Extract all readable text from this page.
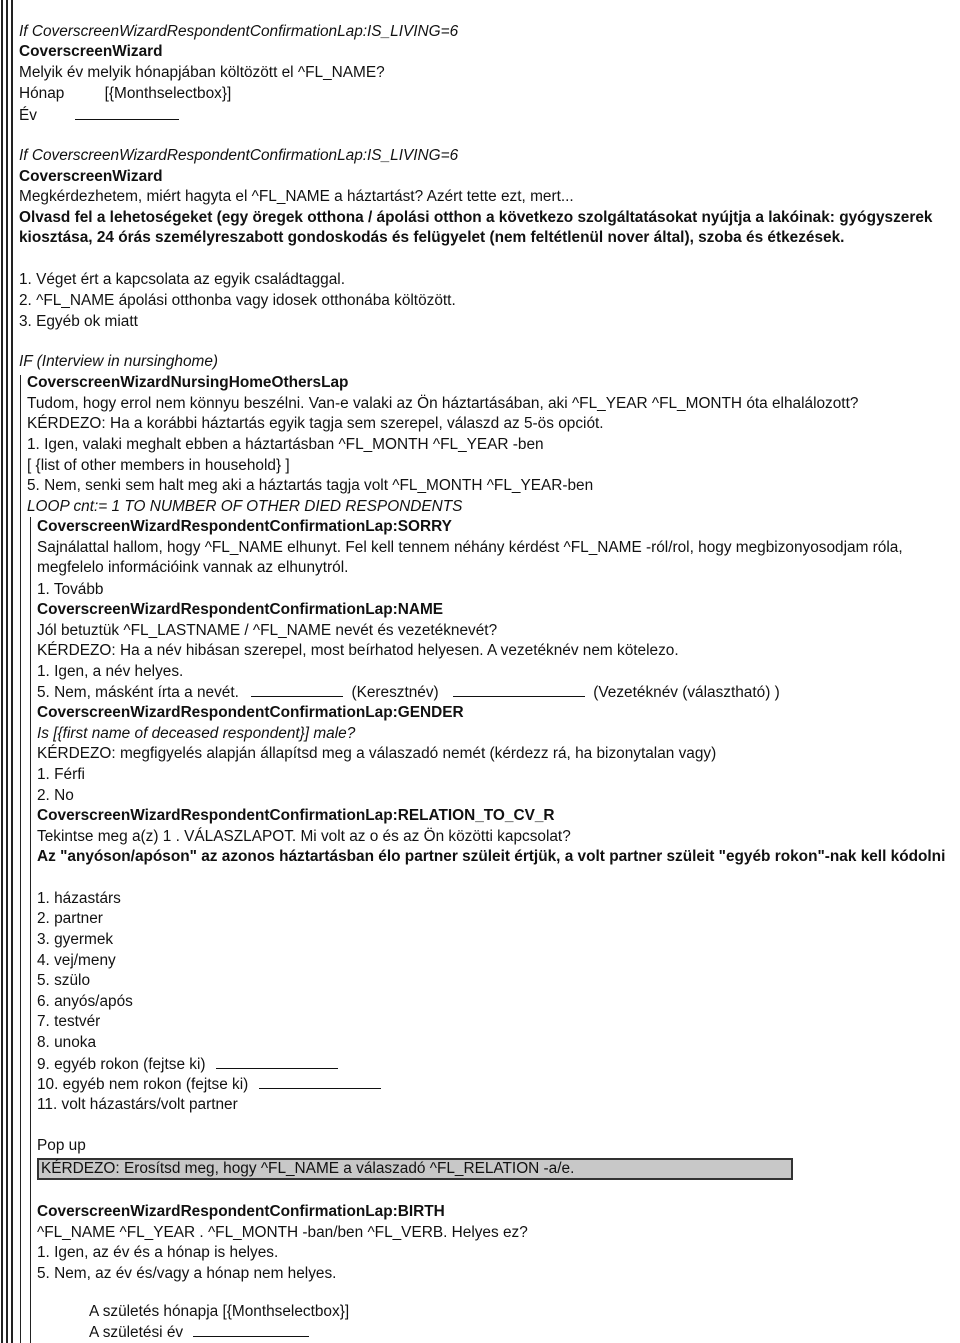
If CoverscreenWizardRespondentConfirmationLap:IS_LIVING=6
CoverscreenWizard
Melyik év melyik hónapjában költözött el ^FL_NAME?
Hónap	[{Monthselectbox}]
Év
If CoverscreenWizardRespondentConfirmationLap:IS_LIVING=6
CoverscreenWizard
Megkérdezhetem, miért hagyta el ^FL_NAME a háztartást? Azért tette ezt, mert...
Olvasd fel a lehetoségeket (egy öregek otthona / ápolási otthon a következo szolgáltatásokat nyújtja a lakóinak: gyógyszerek kiosztása, 24 órás személyreszabott gondoskodás és felügyelet (nem feltétlenül nover által), szoba és étkezések.
1. Véget ért a kapcsolata az egyik családtaggal.
2. ^FL_NAME ápolási otthonba vagy idosek otthonába költözött.
3. Egyéb ok miatt
IF (Interview in nursinghome)
CoverscreenWizardNursingHomeOthersLap
Tudom, hogy errol nem könnyu beszélni. Van-e valaki az Ön háztartásában, aki ^FL_YEAR ^FL_MONTH óta elhalálozott?
KÉRDEZO: Ha a korábbi háztartás egyik tagja sem szerepel, válaszd az 5-ös opciót.
1. Igen, valaki meghalt ebben a háztartásban ^FL_MONTH ^FL_YEAR -ben
[ {list of other members in household} ]
5. Nem, senki sem halt meg aki a háztartás tagja volt ^FL_MONTH ^FL_YEAR-ben
LOOP cnt:= 1 TO NUMBER OF OTHER DIED RESPONDENTS
CoverscreenWizardRespondentConfirmationLap:SORRY
Sajnálattal hallom, hogy ^FL_NAME elhunyt. Fel kell tennem néhány kérdést ^FL_NAME -ról/rol, hogy megbizonyosodjam róla, megfelelo információink vannak az elhunytról.
1. Tovább
CoverscreenWizardRespondentConfirmationLap:NAME
Jól betuztük ^FL_LASTNAME / ^FL_NAME nevét és vezetéknevét?
KÉRDEZO: Ha a név hibásan szerepel, most beírhatod helyesen. A vezetéknév nem kötelezo.
1. Igen, a név helyes.
5. Nem, másként írta a nevét.	(Keresztnév)	(Vezetéknév (választható) )
CoverscreenWizardRespondentConfirmationLap:GENDER
Is [{first name of deceased respondent}] male?
KÉRDEZO: megfigyelés alapján állapítsd meg a válaszadó nemét (kérdezz rá, ha bizonytalan vagy)
1. Férfi
2. No
CoverscreenWizardRespondentConfirmationLap:RELATION_TO_CV_R
Tekintse meg a(z) 1 . VÁLASZLAPOT. Mi volt az o és az Ön közötti kapcsolat?
Az "anyóson/apóson" az azonos háztartásban élo partner szüleit értjük, a volt partner szüleit "egyéb rokon"-nak kell kódolni
1. házastárs
2. partner
3. gyermek
4. vej/meny
5. szülo
6. anyós/após
7. testvér
8. unoka
9. egyéb rokon (fejtse ki)
10. egyéb nem rokon (fejtse ki)
11. volt házastárs/volt partner
Pop up
KÉRDEZO: Erosítsd meg, hogy ^FL_NAME a válaszadó ^FL_RELATION -a/e.
CoverscreenWizardRespondentConfirmationLap:BIRTH
^FL_NAME ^FL_YEAR . ^FL_MONTH -ban/ben ^FL_VERB. Helyes ez?
1. Igen, az év és a hónap is helyes.
5. Nem, az év és/vagy a hónap nem helyes.
A születés hónapja [{Monthselectbox}]
A születési év
